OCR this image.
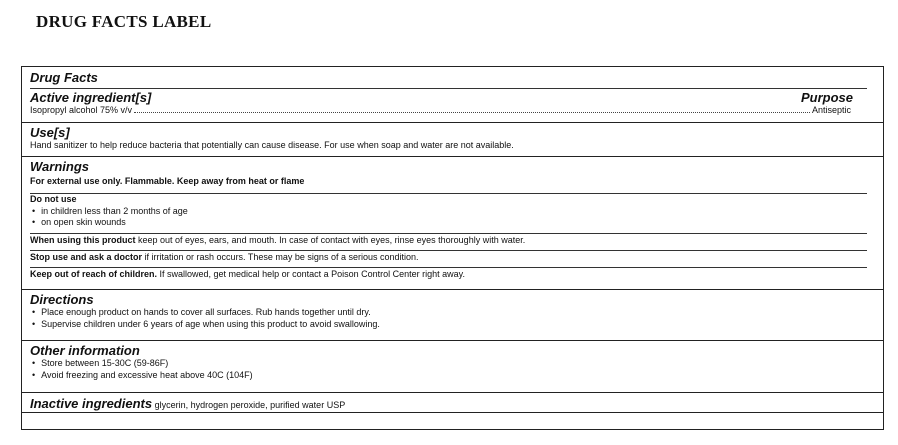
DRUG FACTS LABEL

Drug Facts

Active ingredient[s]	Purpose

Isopropyl alcohol 75% v/v	Antiseptic

Use[s]

Hand sanitizer to help reduce bacteria that potentially can cause disease. For use when soap and water are not available.

Warnings

For external use only. Flammable. Keep away from heat or flame

Do not use

• in children less than 2 months of age
• on open skin wounds

When using this product keep out of eyes, ears, and mouth. In case of contact with eyes, rinse eyes thoroughly with water.

Stop use and ask a doctor if irritation or rash occurs. These may be signs of a serious condition.

Keep out of reach of children. If swallowed, get medical help or contact a Poison Control Center right away.

Directions

• Place enough product on hands to cover all surfaces. Rub hands together until dry.
• Supervise children under 6 years of age when using this product to avoid swallowing.

Other information

• Store between 15-30C (59-86F)
• Avoid freezing and excessive heat above 40C (104F)

Inactive ingredients glycerin, hydrogen peroxide, purified water USP
